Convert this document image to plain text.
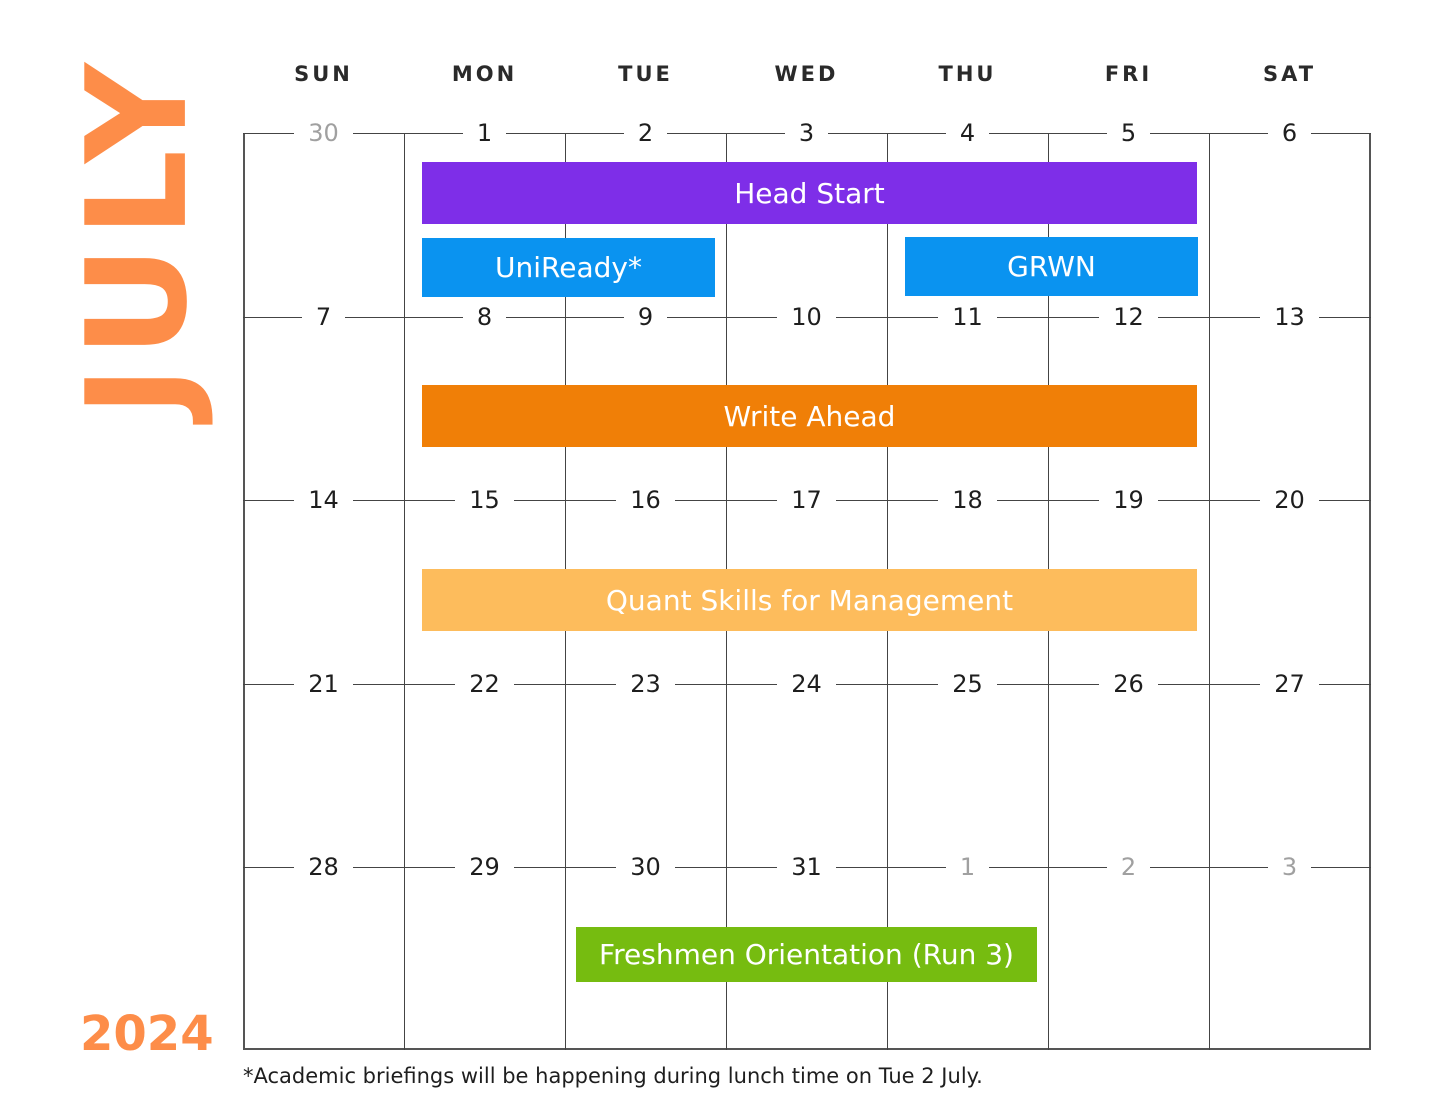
JULY
2024
SUN	MON	TUE	WED	THU	FRI	SAT
30	1	2	3	4	5	6
7	8	9	10	11	12	13
14	15	16	17	18	19	20
21	22	23	24	25	26	27
28	29	30	31	1	2	3
Head Start
UniReady*	GRWN
Write Ahead
Quant Skills for Management
Freshmen Orientation (Run 3)
*Academic briefings will be happening during lunch time on Tue 2 July.
